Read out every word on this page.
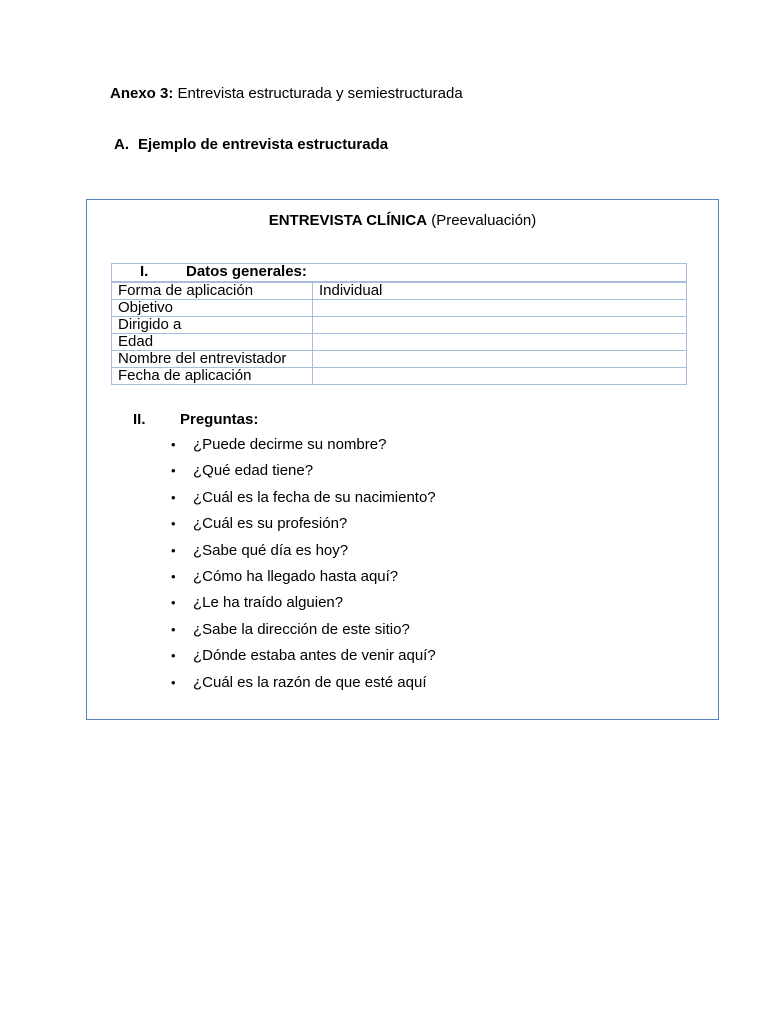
Anexo 3: Entrevista estructurada y semiestructurada
A. Ejemplo de entrevista estructurada
ENTREVISTA CLÍNICA (Preevaluación)
I. Datos generales:	
Forma de aplicación	Individual
Objetivo	
Dirigido a	
Edad	
Nombre del entrevistador	
Fecha de aplicación	
II. Preguntas:
• ¿Puede decirme su nombre?
• ¿Qué edad tiene?
• ¿Cuál es la fecha de su nacimiento?
• ¿Cuál es su profesión?
• ¿Sabe qué día es hoy?
• ¿Cómo ha llegado hasta aquí?
• ¿Le ha traído alguien?
• ¿Sabe la dirección de este sitio?
• ¿Dónde estaba antes de venir aquí?
• ¿Cuál es la razón de que esté aquí
